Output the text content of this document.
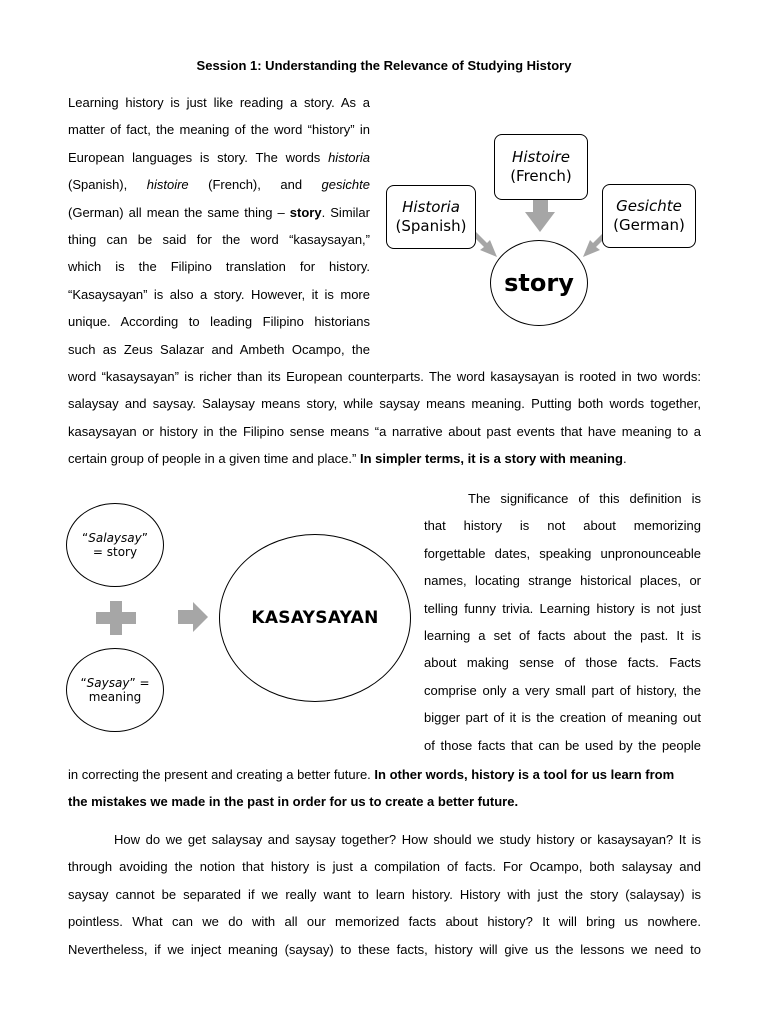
Session 1: Understanding the Relevance of Studying History
Learning history is just like reading a story. As a
matter of fact, the meaning of the word “history” in
European languages is story. The words historia
(Spanish), histoire (French), and gesichte
(German) all mean the same thing – story. Similar
thing can be said for the word “kasaysayan,”
which is the Filipino translation for history.
“Kasaysayan” is also a story. However, it is more
unique. According to leading Filipino historians
such as Zeus Salazar and Ambeth Ocampo, the
word “kasaysayan” is richer than its European counterparts. The word kasaysayan is rooted in two words:
salaysay and saysay. Salaysay means story, while saysay means meaning. Putting both words together,
kasaysayan or history in the Filipino sense means “a narrative about past events that have meaning to a
certain group of people in a given time and place.” In simpler terms, it is a story with meaning.
Historia
(Spanish)
Histoire
(French)
Gesichte
(German)
story
“Salaysay”
= story
“Saysay” =
meaning
KASAYSAYAN
The significance of this definition is
that history is not about memorizing
forgettable dates, speaking unpronounceable
names, locating strange historical places, or
telling funny trivia. Learning history is not just
learning a set of facts about the past. It is
about making sense of those facts. Facts
comprise only a very small part of history, the
bigger part of it is the creation of meaning out
of those facts that can be used by the people
in correcting the present and creating a better future. In other words, history is a tool for us learn from
the mistakes we made in the past in order for us to create a better future.
How do we get salaysay and saysay together? How should we study history or kasaysayan? It is
through avoiding the notion that history is just a compilation of facts. For Ocampo, both salaysay and
saysay cannot be separated if we really want to learn history. History with just the story (salaysay) is
pointless. What can we do with all our memorized facts about history? It will bring us nowhere.
Nevertheless, if we inject meaning (saysay) to these facts, history will give us the lessons we need to
